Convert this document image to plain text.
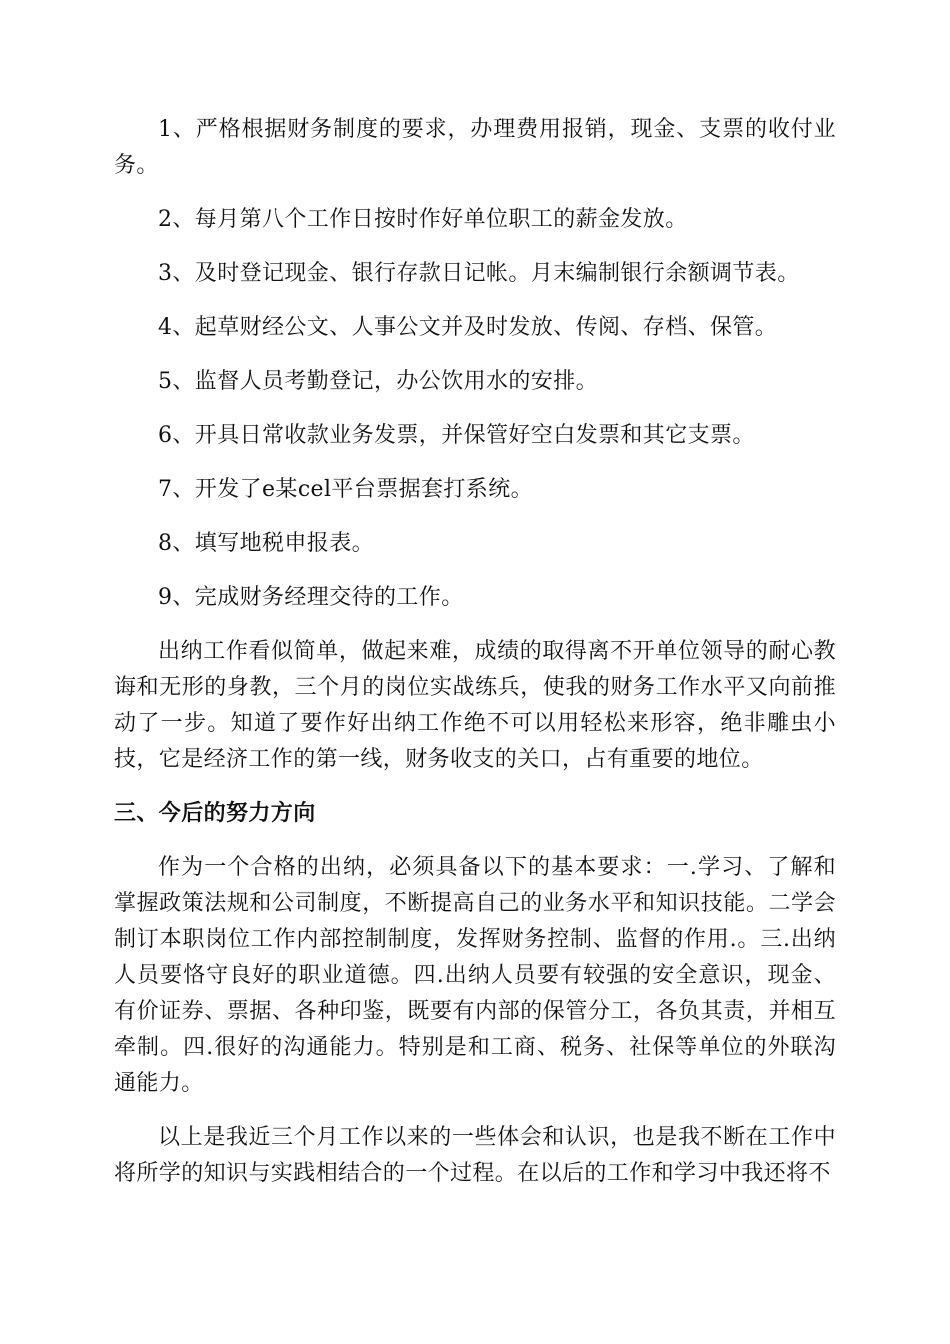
1、严格根据财务制度的要求，办理费用报销，现金、支票的收付业务。

2、每月第八个工作日按时作好单位职工的薪金发放。

3、及时登记现金、银行存款日记帐。月末编制银行余额调节表。

4、起草财经公文、人事公文并及时发放、传阅、存档、保管。

5、监督人员考勤登记，办公饮用水的安排。

6、开具日常收款业务发票，并保管好空白发票和其它支票。

7、开发了e某cel平台票据套打系统。

8、填写地税申报表。

9、完成财务经理交待的工作。

出纳工作看似简单，做起来难，成绩的取得离不开单位领导的耐心教诲和无形的身教，三个月的岗位实战练兵，使我的财务工作水平又向前推动了一步。知道了要作好出纳工作绝不可以用轻松来形容，绝非雕虫小技，它是经济工作的第一线，财务收支的关口，占有重要的地位。

三、今后的努力方向

作为一个合格的出纳，必须具备以下的基本要求：一.学习、了解和掌握政策法规和公司制度，不断提高自己的业务水平和知识技能。二学会制订本职岗位工作内部控制制度，发挥财务控制、监督的作用.。三.出纳人员要恪守良好的职业道德。四.出纳人员要有较强的安全意识，现金、有价证券、票据、各种印鉴，既要有内部的保管分工，各负其责，并相互牵制。四.很好的沟通能力。特别是和工商、税务、社保等单位的外联沟通能力。

以上是我近三个月工作以来的一些体会和认识，也是我不断在工作中将所学的知识与实践相结合的一个过程。在以后的工作和学习中我还将不
